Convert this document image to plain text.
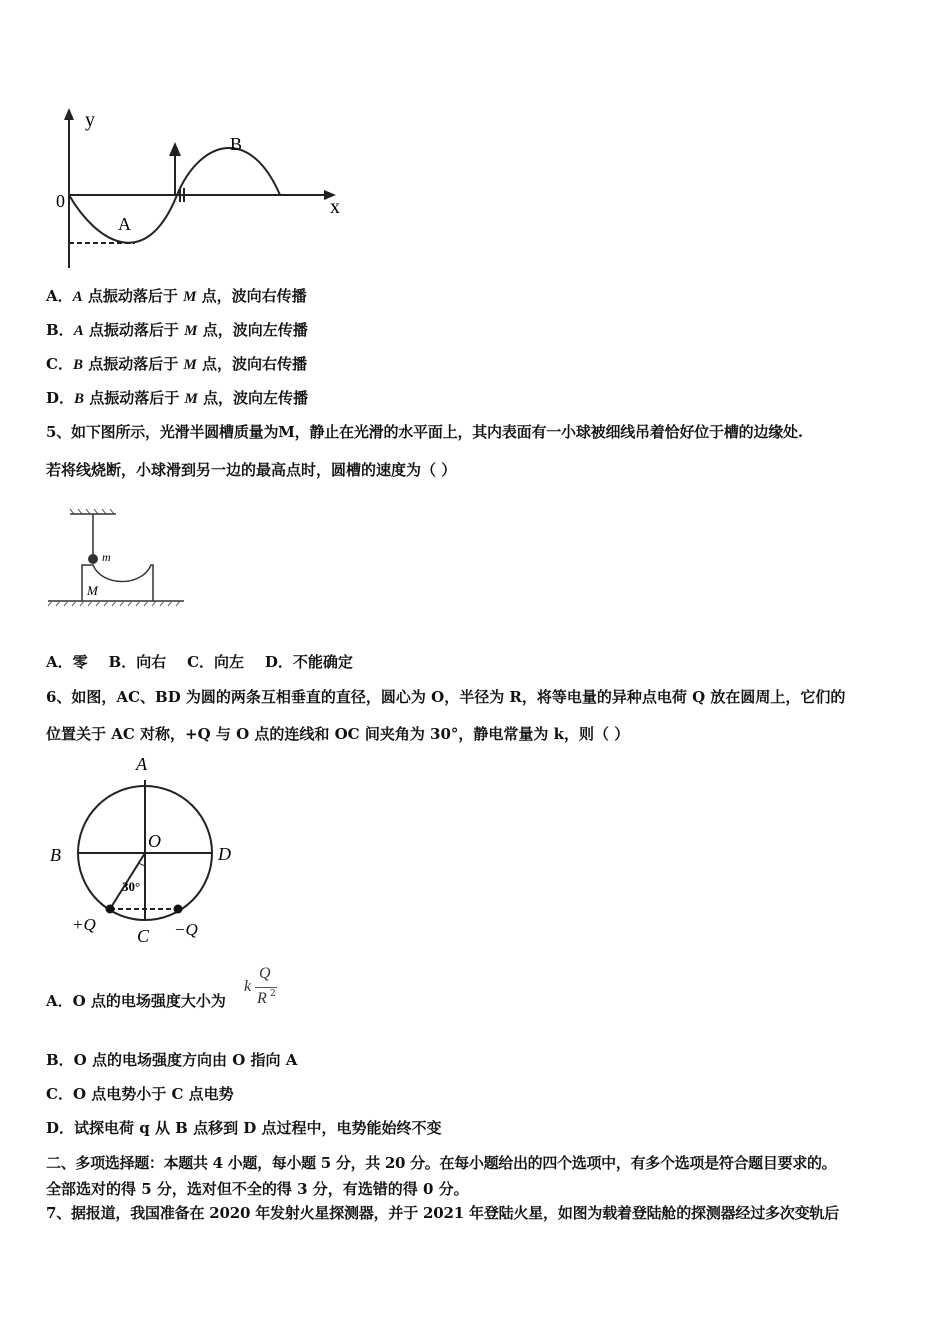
y
x
0
A
B
A．A 点振动落后于 M 点，波向右传播
B．A 点振动落后于 M 点，波向左传播
C．B 点振动落后于 M 点，波向右传播
D．B 点振动落后于 M 点，波向左传播
5、如下图所示，光滑半圆槽质量为M，静止在光滑的水平面上，其内表面有一小球被细线吊着恰好位于槽的边缘处.
若将线烧断，小球滑到另一边的最高点时，圆槽的速度为（ ）
m
M
A．零    B．向右    C．向左    D．不能确定
6、如图，AC、BD 为圆的两条互相垂直的直径，圆心为 O，半径为 R，将等电量的异种点电荷 Q 放在圆周上，它们的
位置关于 AC 对称，+Q 与 O 点的连线和 OC 间夹角为 30°，静电常量为 k，则（ ）
A
B	D
O
C
30°
+Q	−Q
A．O 点的电场强度大小为
k
Q
R 2
B．O 点的电场强度方向由 O 指向 A
C．O 点电势小于 C 点电势
D．试探电荷 q 从 B 点移到 D 点过程中，电势能始终不变
二、多项选择题：本题共 4 小题，每小题 5 分，共 20 分。在每小题给出的四个选项中，有多个选项是符合题目要求的。
全部选对的得 5 分，选对但不全的得 3 分，有选错的得 0 分。
7、据报道，我国准备在 2020 年发射火星探测器，并于 2021 年登陆火星，如图为载着登陆舱的探测器经过多次变轨后
